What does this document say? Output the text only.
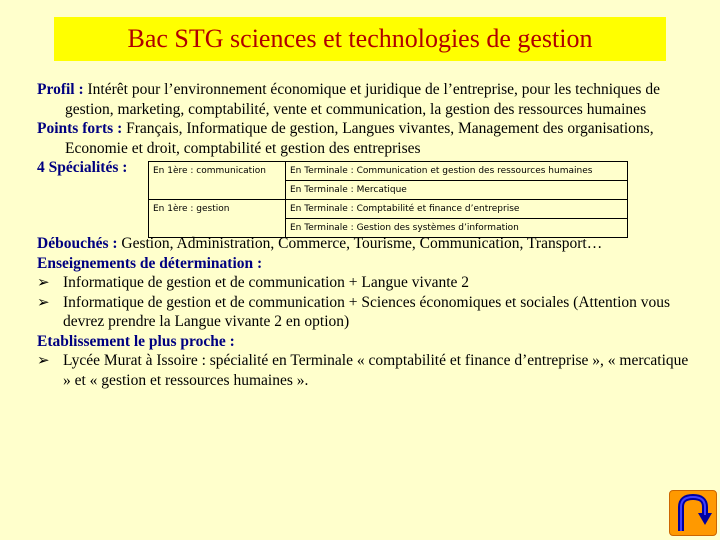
Bac STG sciences et technologies de gestion

Profil : Intérêt pour l’environnement économique et juridique de l’entreprise, pour les techniques de gestion, marketing, comptabilité, vente et communication, la gestion des ressources humaines

Points forts : Français, Informatique de gestion, Langues vivantes, Management des organisations, Economie et droit, comptabilité et gestion des entreprises

4 Spécialités :	En 1ère : communication	En Terminale : Communication et gestion des ressources humaines
	En Terminale : Mercatique
En 1ère : gestion	En Terminale : Comptabilité et finance d’entreprise
	En Terminale : Gestion des systèmes d’information

Débouchés : Gestion, Administration, Commerce, Tourisme, Communication, Transport…

Enseignements de détermination :
➢ Informatique de gestion et de communication + Langue vivante 2
➢ Informatique de gestion et de communication + Sciences économiques et sociales (Attention vous devrez prendre la Langue vivante 2 en option)
Etablissement le plus proche :
➢ Lycée Murat à Issoire : spécialité en Terminale « comptabilité et finance d’entreprise », « mercatique » et « gestion et ressources humaines ».
